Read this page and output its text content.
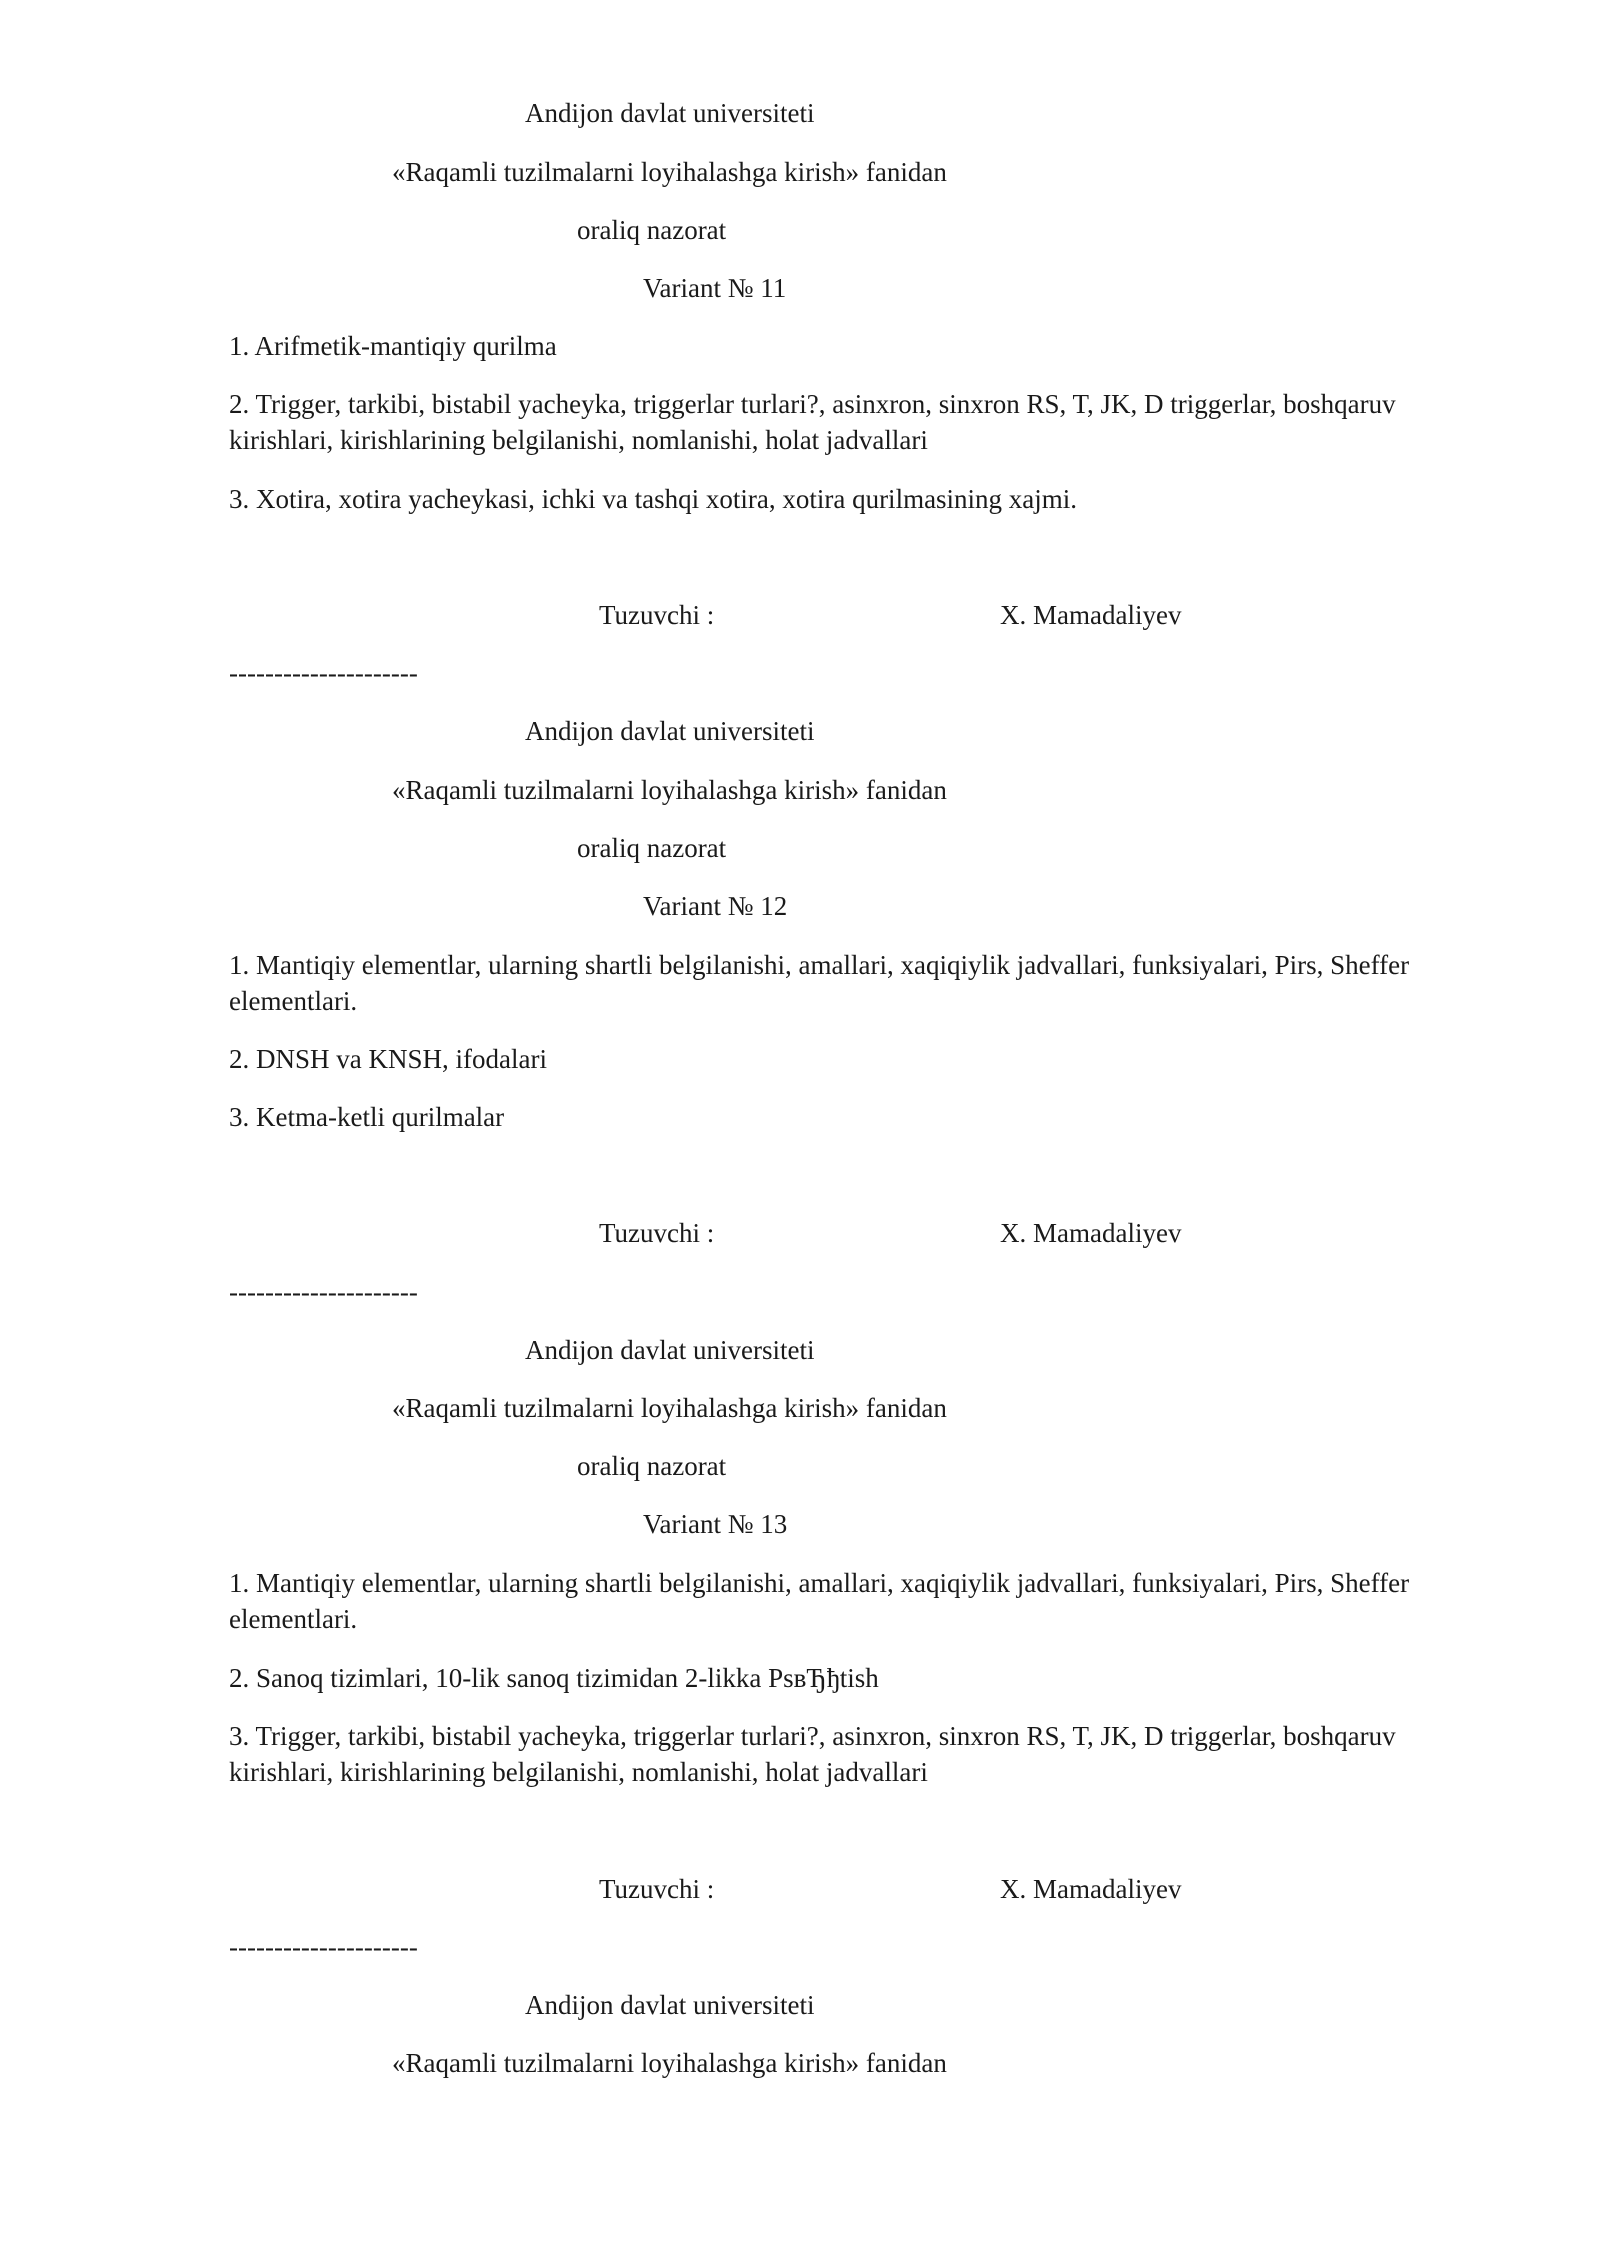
Andijon davlat universiteti
«Raqamli tuzilmalarni loyihalashga kirish» fanidan
oraliq nazorat
Variant № 11
1. Arifmetik-mantiqiy qurilma
2. Trigger, tarkibi, bistabil yacheyka, triggerlar turlari?, asinxron, sinxron RS, T, JK, D triggerlar, boshqaruv kirishlari, kirishlarining belgilanishi, nomlanishi, holat jadvallari
3. Xotira, xotira yacheykasi, ichki va tashqi xotira, xotira qurilmasining xajmi.
Tuzuvchi :	X. Mamadaliyev
---------------------
Andijon davlat universiteti
«Raqamli tuzilmalarni loyihalashga kirish» fanidan
oraliq nazorat
Variant № 12
1. Mantiqiy elementlar, ularning shartli belgilanishi, amallari, xaqiqiylik jadvallari, funksiyalari, Pirs, Sheffer elementlari.
2. DNSH va KNSH, ifodalari
3. Ketma-ketli qurilmalar
Tuzuvchi :	X. Mamadaliyev
---------------------
Andijon davlat universiteti
«Raqamli tuzilmalarni loyihalashga kirish» fanidan
oraliq nazorat
Variant № 13
1. Mantiqiy elementlar, ularning shartli belgilanishi, amallari, xaqiqiylik jadvallari, funksiyalari, Pirs, Sheffer elementlari.
2. Sanoq tizimlari, 10-lik sanoq tizimidan 2-likka PsвЂђtish
3. Trigger, tarkibi, bistabil yacheyka, triggerlar turlari?, asinxron, sinxron RS, T, JK, D triggerlar, boshqaruv kirishlari, kirishlarining belgilanishi, nomlanishi, holat jadvallari
Tuzuvchi :	X. Mamadaliyev
---------------------
Andijon davlat universiteti
«Raqamli tuzilmalarni loyihalashga kirish» fanidan
